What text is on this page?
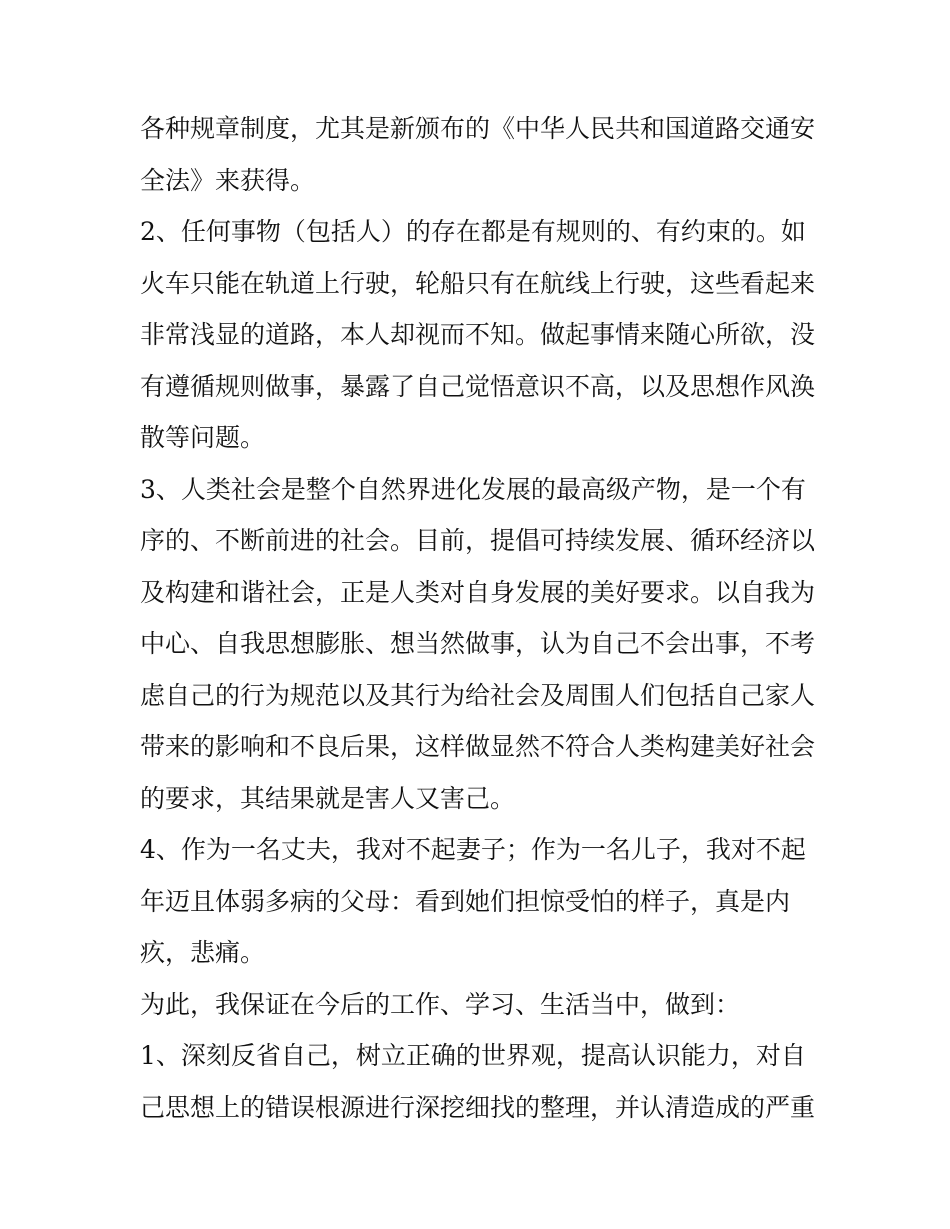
各种规章制度，尤其是新颁布的《中华人民共和国道路交通安
全法》来获得。
2、任何事物（包括人）的存在都是有规则的、有约束的。如
火车只能在轨道上行驶，轮船只有在航线上行驶，这些看起来
非常浅显的道路，本人却视而不知。做起事情来随心所欲，没
有遵循规则做事，暴露了自己觉悟意识不高，以及思想作风涣
散等问题。
3、人类社会是整个自然界进化发展的最高级产物，是一个有
序的、不断前进的社会。目前，提倡可持续发展、循环经济以
及构建和谐社会，正是人类对自身发展的美好要求。以自我为
中心、自我思想膨胀、想当然做事，认为自己不会出事，不考
虑自己的行为规范以及其行为给社会及周围人们包括自己家人
带来的影响和不良后果，这样做显然不符合人类构建美好社会
的要求，其结果就是害人又害己。
4、作为一名丈夫，我对不起妻子；作为一名儿子，我对不起
年迈且体弱多病的父母：看到她们担惊受怕的样子，真是内
疚，悲痛。
为此，我保证在今后的工作、学习、生活当中，做到：
1、深刻反省自己，树立正确的世界观，提高认识能力，对自
己思想上的错误根源进行深挖细找的整理，并认清造成的严重
